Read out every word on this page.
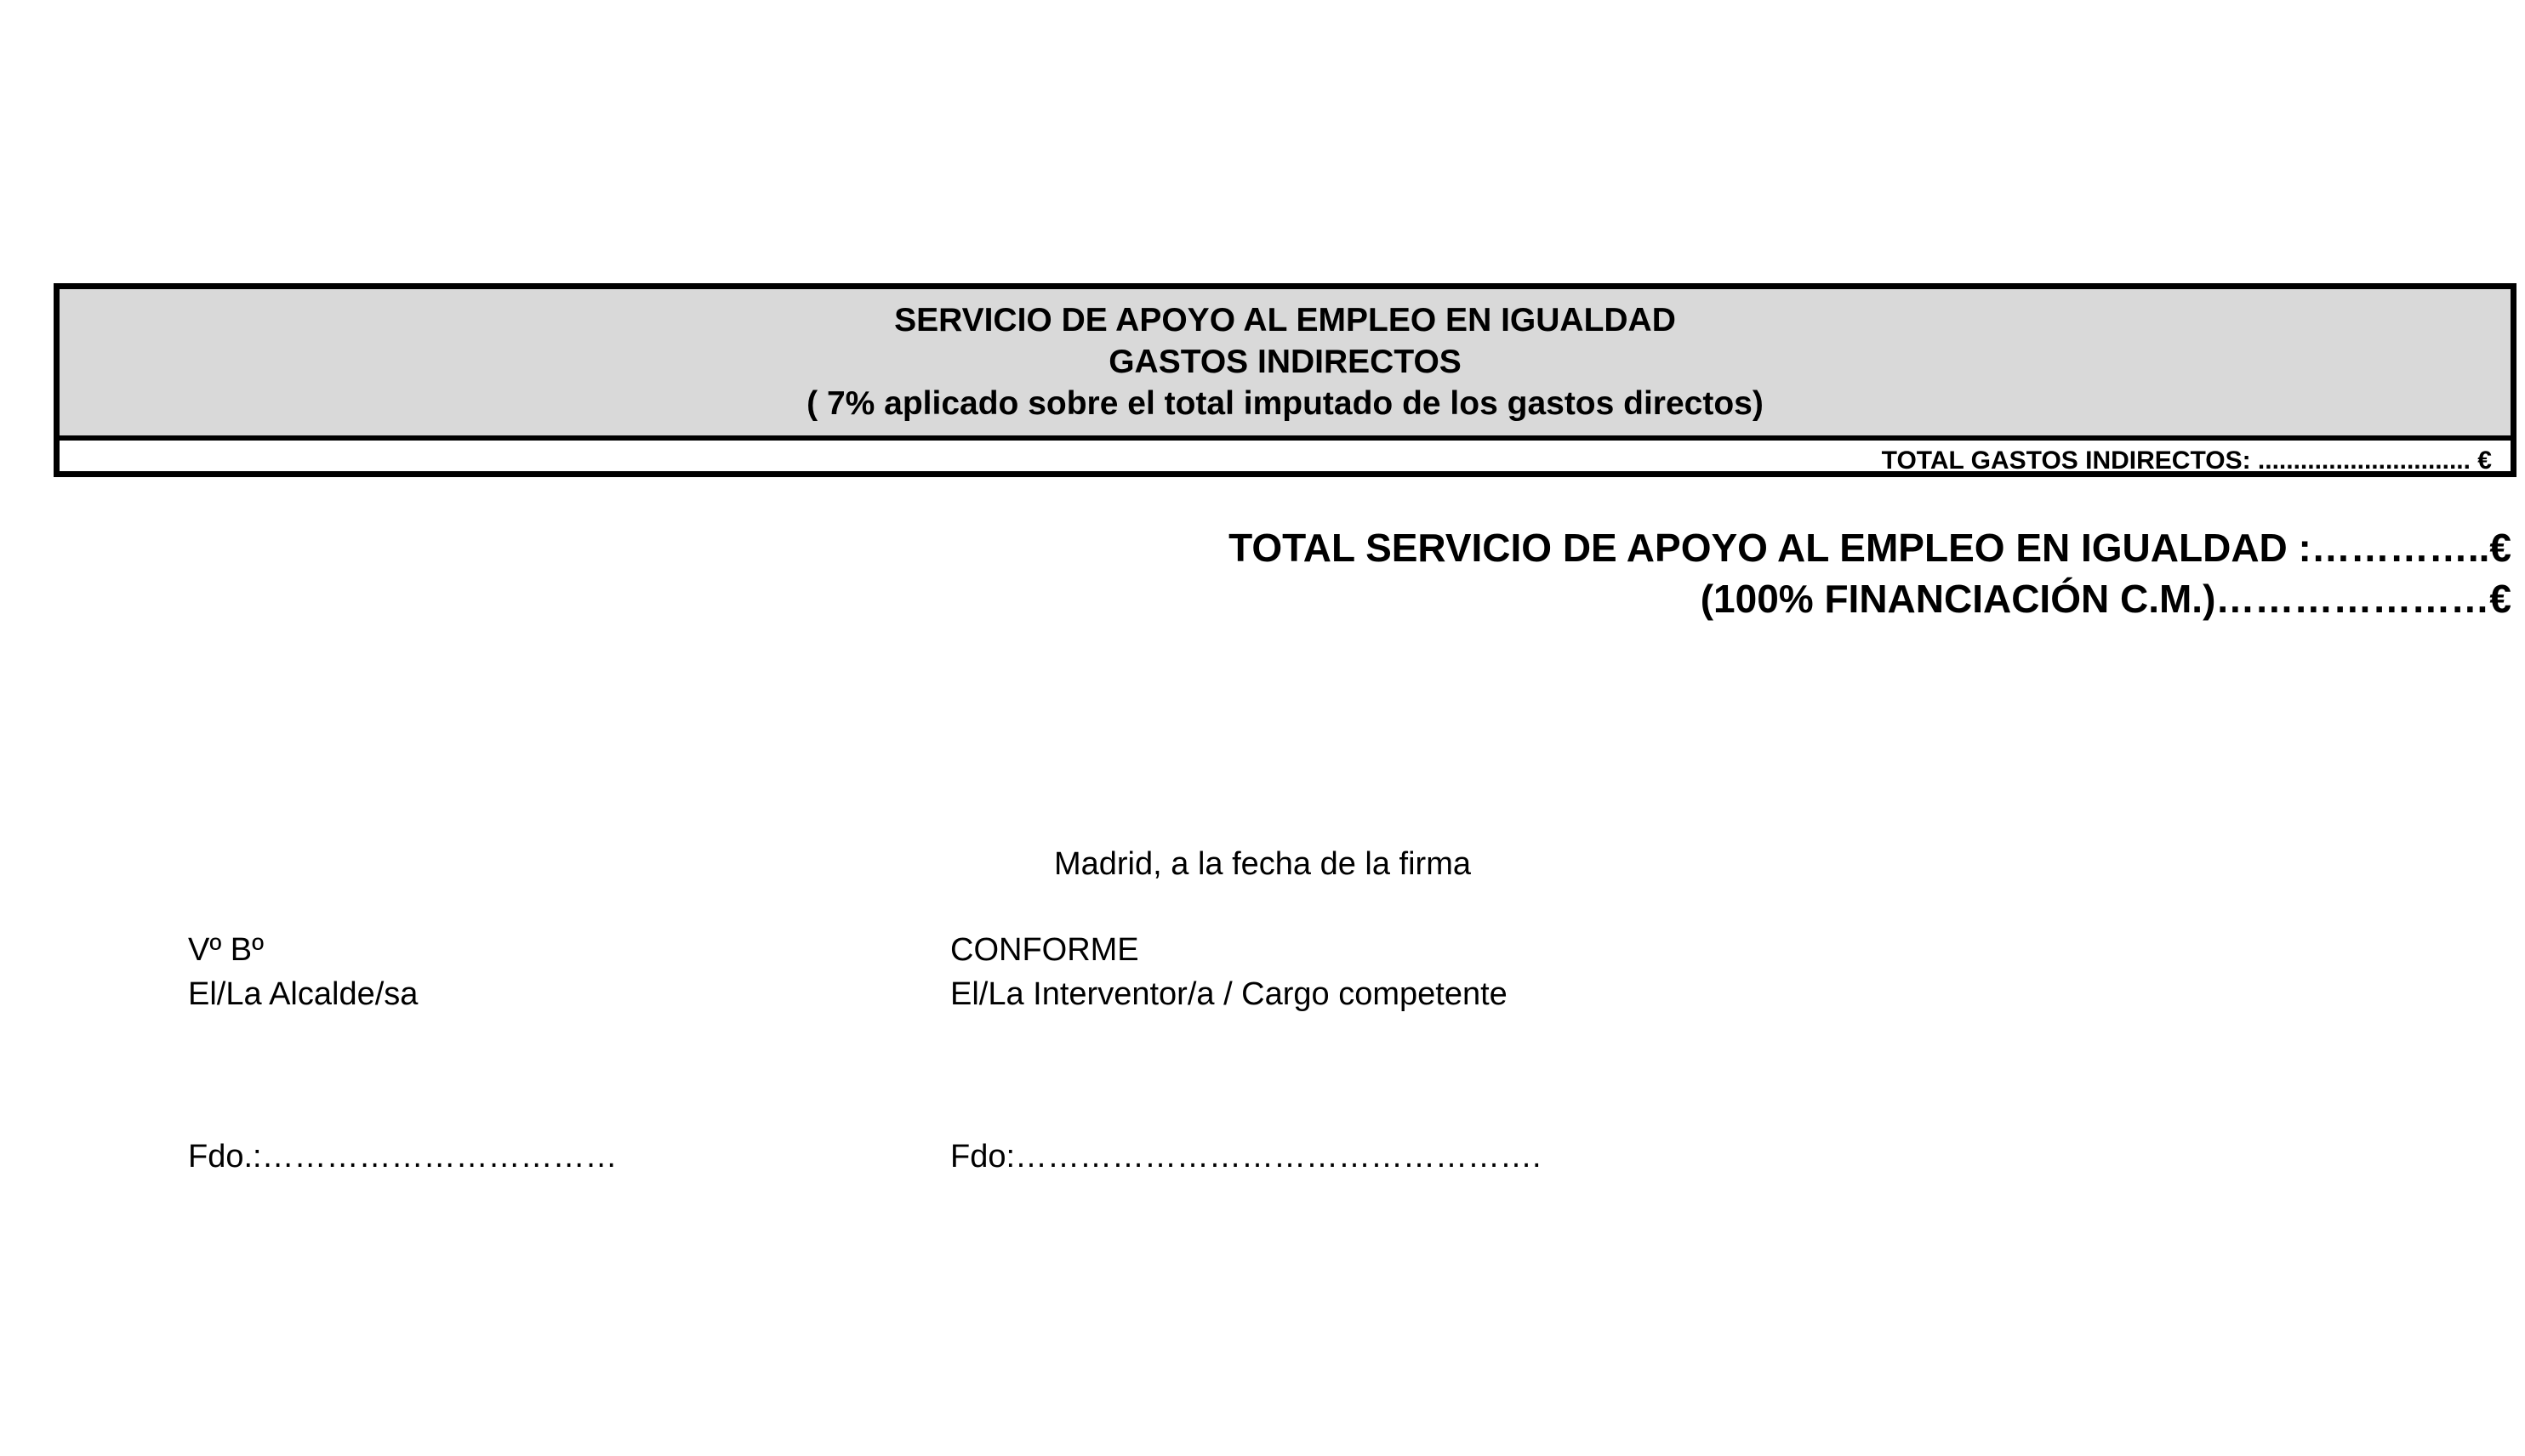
SERVICIO DE APOYO AL EMPLEO EN IGUALDAD

GASTOS INDIRECTOS

( 7% aplicado sobre el total imputado de los gastos directos)

TOTAL GASTOS INDIRECTOS: .............................. €
TOTAL SERVICIO DE APOYO AL EMPLEO EN IGUALDAD :…………..€
(100% FINANCIACIÓN C.M.)…………………€
Madrid, a la fecha de la firma
Vº Bº
El/La Alcalde/sa
Fdo.:……………………………
CONFORME
El/La Interventor/a / Cargo competente
Fdo:………………………………………….
